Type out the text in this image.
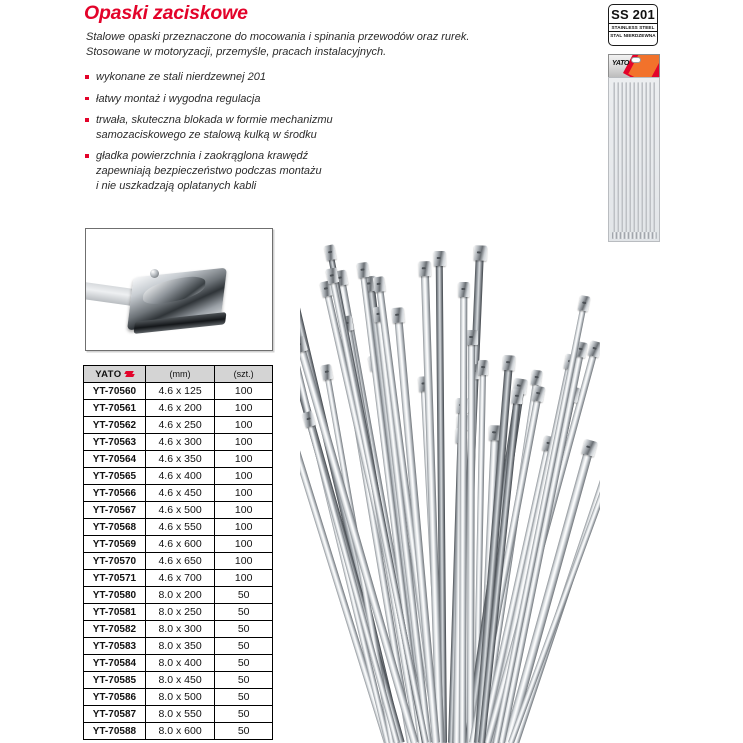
Opaski zaciskowe
Stalowe opaski przeznaczone do mocowania i spinania przewodów oraz rurek.
Stosowane w motoryzacji, przemyśle, pracach instalacyjnych.
wykonane ze stali nierdzewnej 201
łatwy montaż i wygodna regulacja
trwała, skuteczna blokada w formie mechanizmu
samozaciskowego ze stalową kulką w środku
gładka powierzchnia i zaokrąglona krawędź
zapewniają bezpieczeństwo podczas montażu
i nie uszkadzają oplatanych kabli
SS 201
STAINLESS STEEL
STAL NIERDZEWNA
YATO
YATO	(mm)	(szt.)
YT-70560	4.6 x 125	100
YT-70561	4.6 x 200	100
YT-70562	4.6 x 250	100
YT-70563	4.6 x 300	100
YT-70564	4.6 x 350	100
YT-70565	4.6 x 400	100
YT-70566	4.6 x 450	100
YT-70567	4.6 x 500	100
YT-70568	4.6 x 550	100
YT-70569	4.6 x 600	100
YT-70570	4.6 x 650	100
YT-70571	4.6 x 700	100
YT-70580	8.0 x 200	50
YT-70581	8.0 x 250	50
YT-70582	8.0 x 300	50
YT-70583	8.0 x 350	50
YT-70584	8.0 x 400	50
YT-70585	8.0 x 450	50
YT-70586	8.0 x 500	50
YT-70587	8.0 x 550	50
YT-70588	8.0 x 600	50
